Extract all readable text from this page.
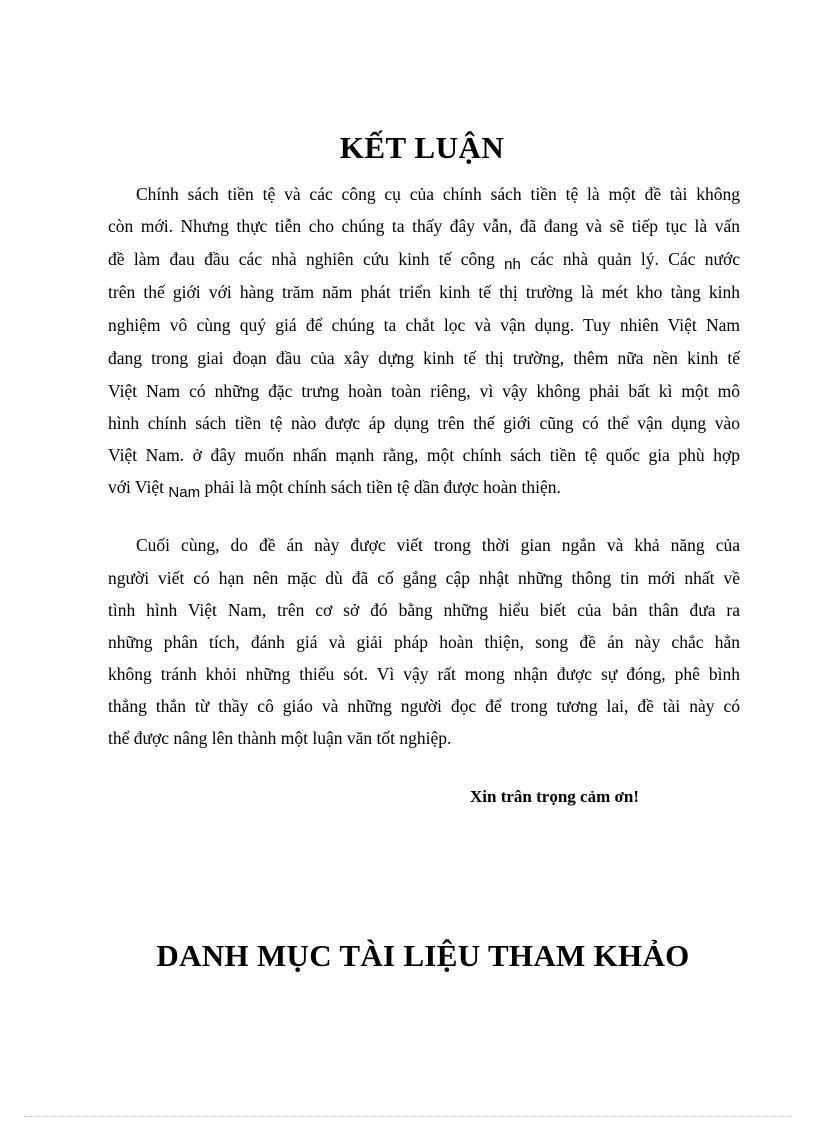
KẾT LUẬN
Chính sách tiền tệ và các công cụ của chính sách tiền tệ là một đề tài không
còn mới. Nhưng thực tiễn cho chúng ta thấy đây vẫn, đã đang và sẽ tiếp tục là vấn
đề làm đau đầu các nhà nghiên cứu kinh tế công nh các nhà quản lý. Các nước
trên thế giới với hàng trăm năm phát triển kinh tế thị trường là mét kho tàng kinh
nghiệm vô cùng quý giá để chúng ta chắt lọc và vận dụng. Tuy nhiên Việt Nam
đang trong giai đoạn đầu của xây dựng kinh tế thị trường, thêm nữa nền kinh tế
Việt Nam có những đặc trưng hoàn toàn riêng, vì vậy không phải bất kì một mô
hình chính sách tiền tệ nào được áp dụng trên thế giới cũng có thể vận dụng vào
Việt Nam. ở đây muốn nhấn mạnh rằng, một chính sách tiền tệ quốc gia phù hợp
với Việt Nam phải là một chính sách tiền tệ dần được hoàn thiện.
Cuối cùng, do đề án này được viết trong thời gian ngắn và khả năng của
người viết có hạn nên mặc dù đã cố gắng cập nhật những thông tin mới nhất về
tình hình Việt Nam, trên cơ sở đó bằng những hiểu biết của bản thân đưa ra
những phân tích, đánh giá và giải pháp hoàn thiện, song đề án này chắc hẳn
không tránh khỏi những thiếu sót. Vì vậy rất mong nhận được sự đóng, phê bình
thẳng thắn từ thầy cô giáo và những người đọc để trong tương lai, đề tài này có
thể được nâng lên thành một luận văn tốt nghiệp.
Xin trân trọng cảm ơn!
DANH MỤC TÀI LIỆU THAM KHẢO
